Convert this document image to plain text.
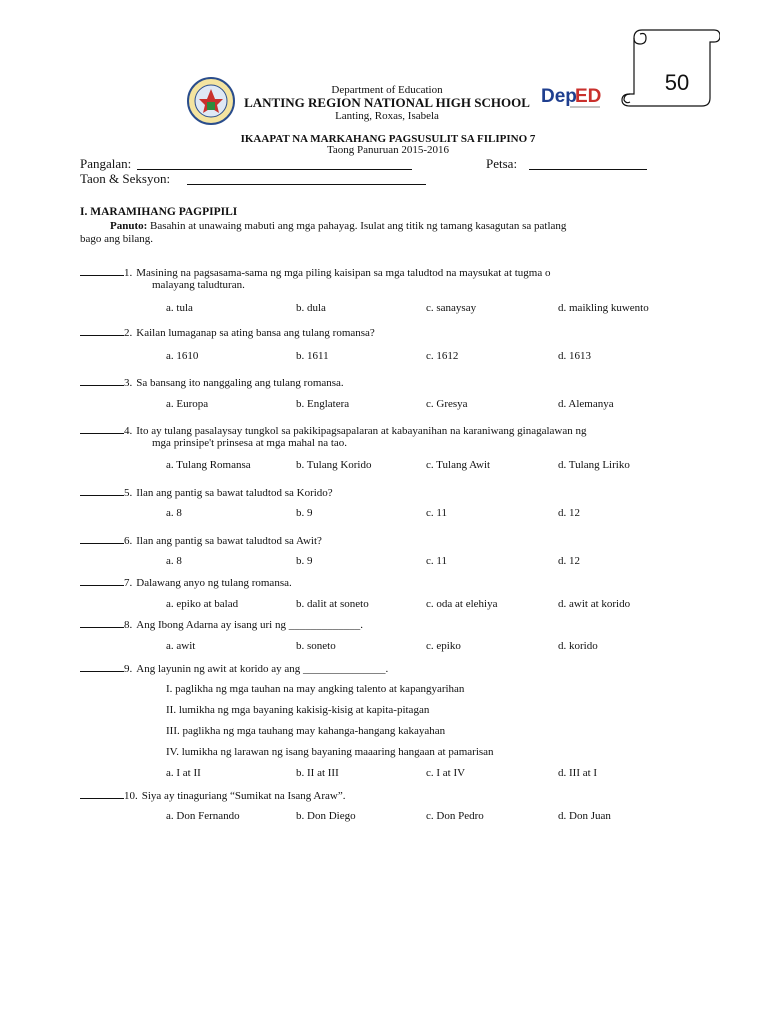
50
Dep
ED
Department of Education
LANTING REGION NATIONAL HIGH SCHOOL
Lanting, Roxas, Isabela
IKAAPAT NA MARKAHANG PAGSUSULIT SA FILIPINO 7
Taong Panuruan 2015-2016
Pangalan:	Petsa:
Taon & Seksyon:
I. MARAMIHANG PAGPIPILI
Panuto: Basahin at unawaing mabuti ang mga pahayag. Isulat ang titik ng tamang kasagutan sa patlang
bago ang bilang.
1. Masining na pagsasama-sama ng mga piling kaisipan sa mga taludtod na maysukat at tugma o
malayang taludturan.
a. tula	b. dula	c. sanaysay	d. maikling kuwento
2. Kailan lumaganap sa ating bansa ang tulang romansa?
a. 1610	b. 1611	c. 1612	d. 1613
3. Sa bansang ito nanggaling ang tulang romansa.
a. Europa	b. Englatera	c. Gresya	d. Alemanya
4. Ito ay tulang pasalaysay tungkol sa pakikipagsapalaran at kabayanihan na karaniwang ginagalawan ng
mga prinsipe't prinsesa at mga mahal na tao.
a. Tulang Romansa	b. Tulang Korido	c. Tulang Awit	d. Tulang Liriko
5. Ilan ang pantig sa bawat taludtod sa Korido?
a. 8	b. 9	c. 11	d. 12
6. Ilan ang pantig sa bawat taludtod sa Awit?
a. 8	b. 9	c. 11	d. 12
7. Dalawang anyo ng tulang romansa.
a. epiko at balad	b. dalit at soneto	c. oda at elehiya	d. awit at korido
8. Ang Ibong Adarna ay isang uri ng _____________.
a. awit	b. soneto	c. epiko	d. korido
9. Ang layunin ng awit at korido ay ang _______________.
I. paglikha ng mga tauhan na may angking talento at kapangyarihan
II. lumikha ng mga bayaning kakisig-kisig at kapita-pitagan
III. paglikha ng mga tauhang may kahanga-hangang kakayahan
IV. lumikha ng larawan ng isang bayaning maaaring hangaan at pamarisan
a. I at II	b. II at III	c. I at IV	d. III at I
10. Siya ay tinaguriang “Sumikat na Isang Araw”.
a. Don Fernando	b. Don Diego	c. Don Pedro	d. Don Juan
